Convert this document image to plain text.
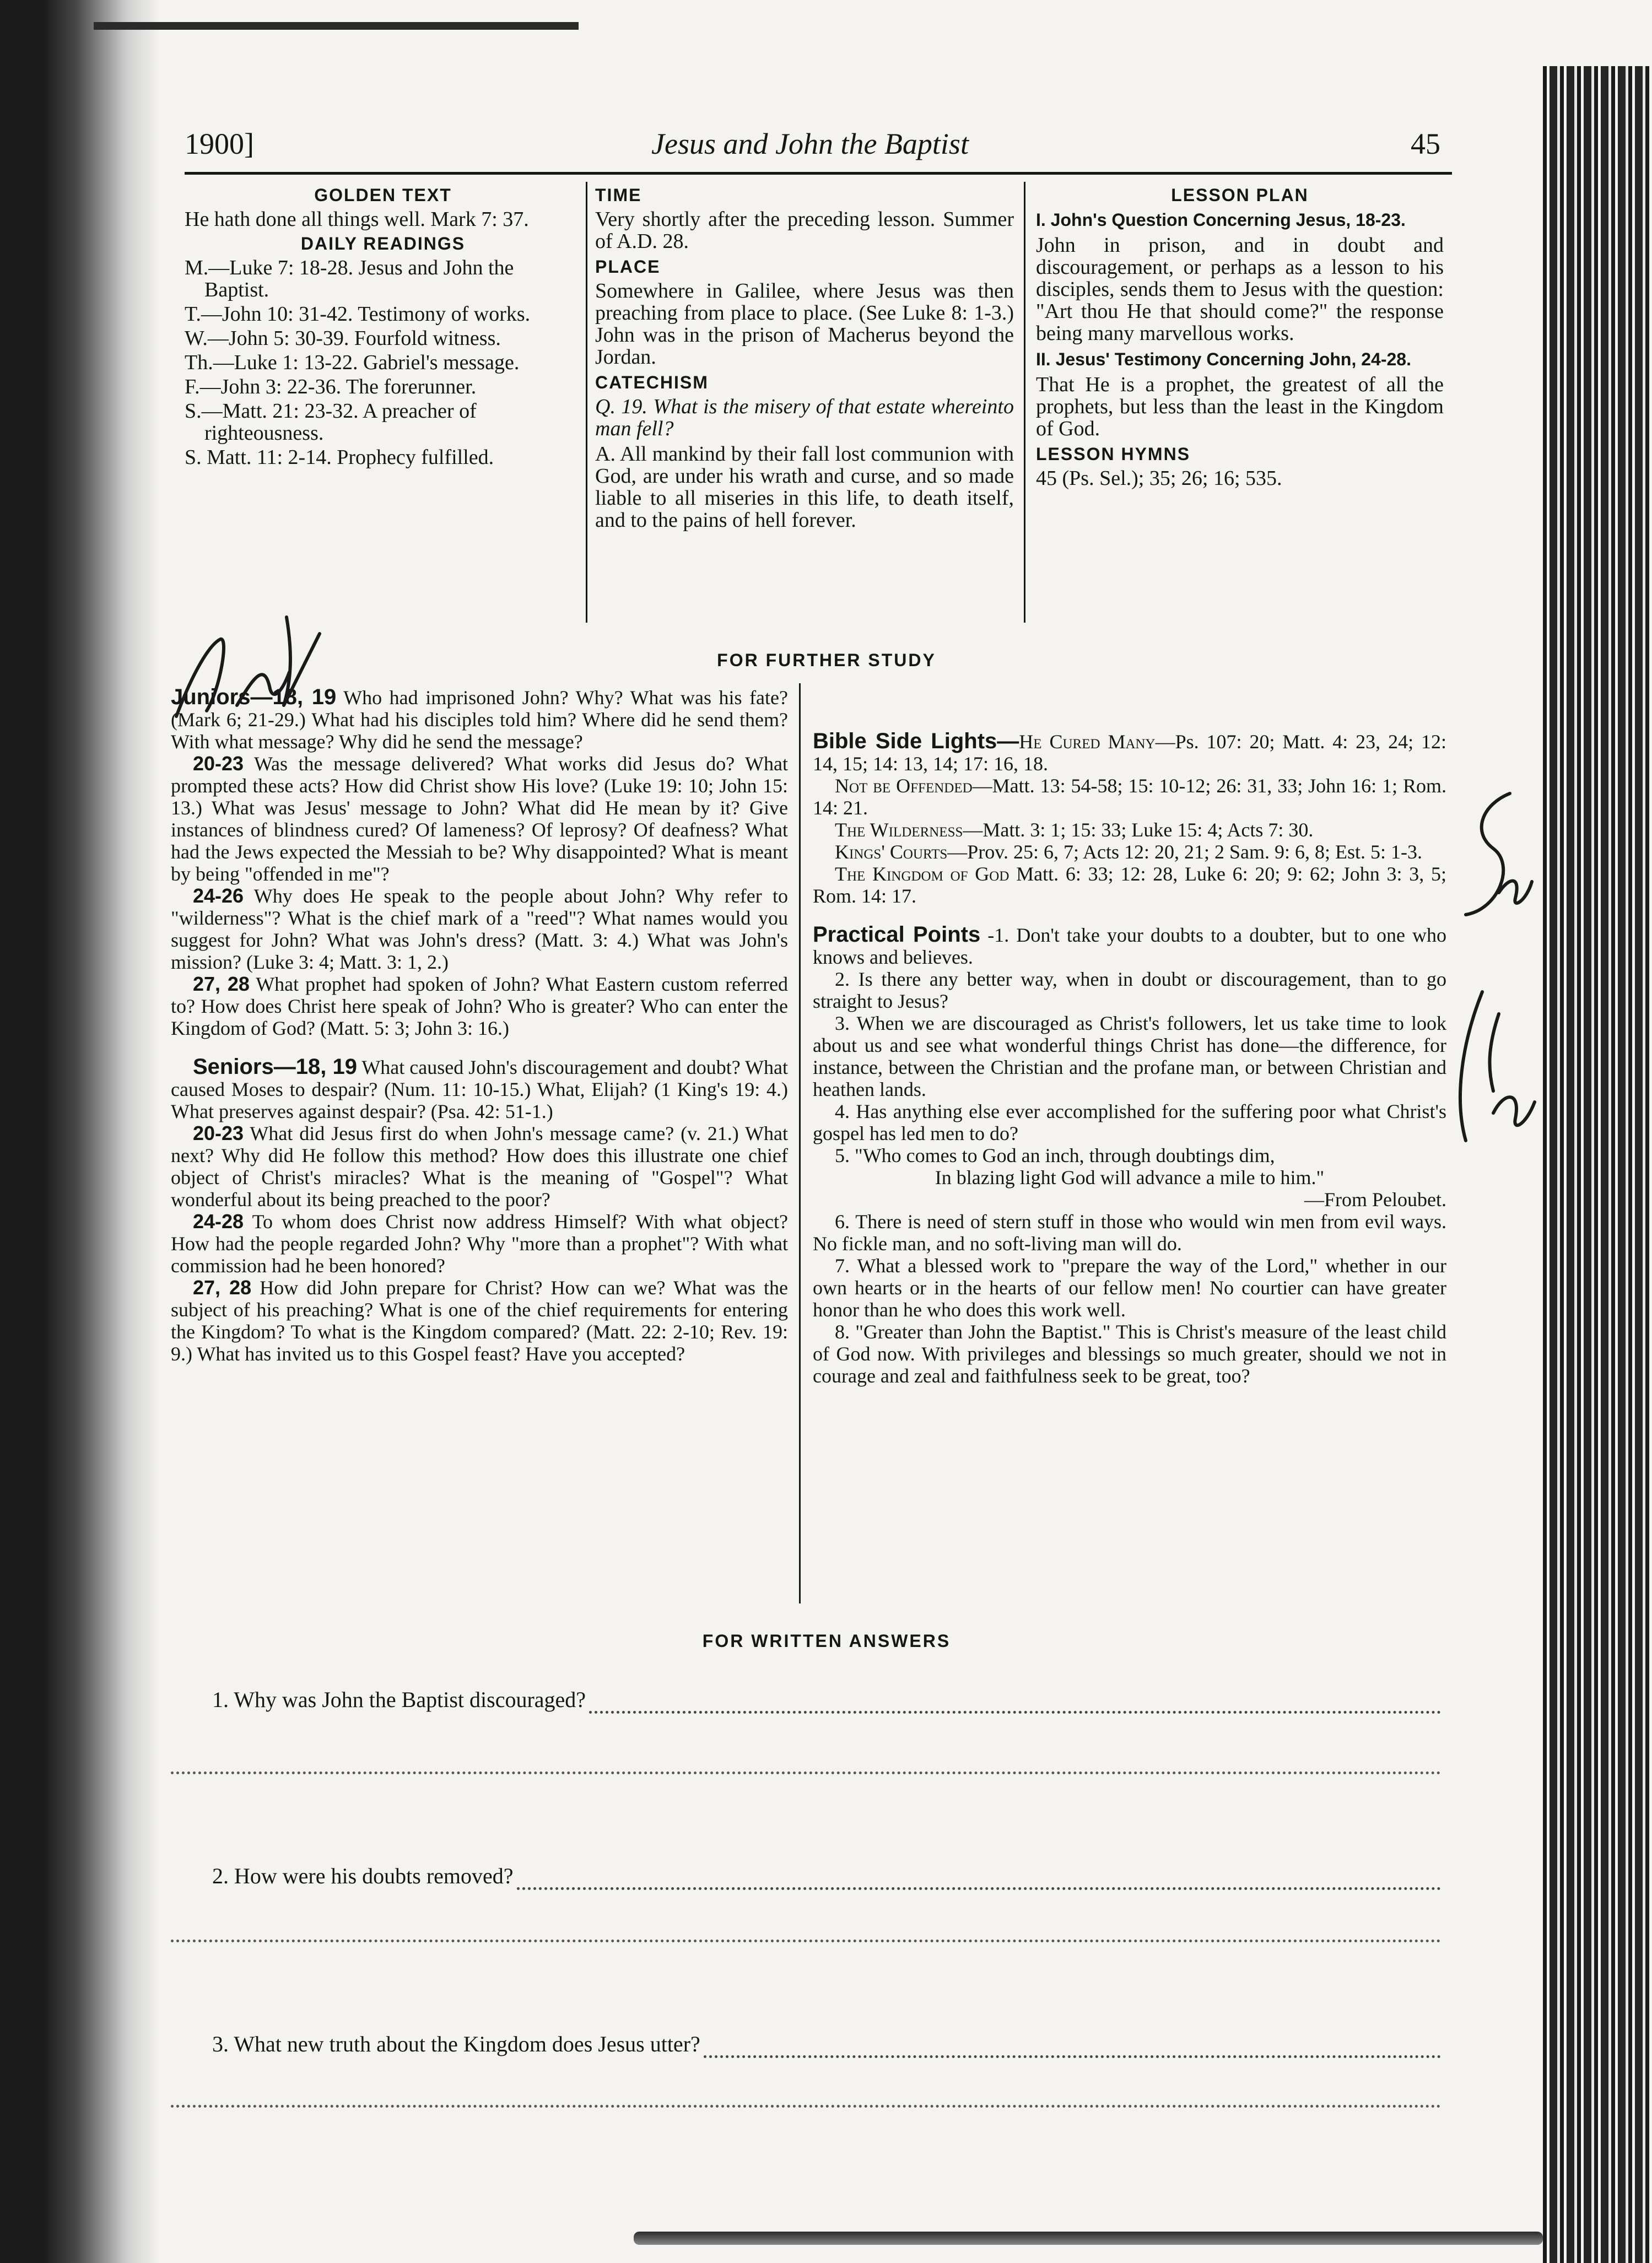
1900]	Jesus and John the Baptist	45
GOLDEN TEXT

He hath done all things well. Mark 7: 37.

DAILY READINGS

M.—Luke 7: 18-28. Jesus and John the Baptist.

T.—John 10: 31-42. Testimony of works.

W.—John 5: 30-39. Fourfold witness.

Th.—Luke 1: 13-22. Gabriel's message.

F.—John 3: 22-36. The forerunner.

S.—Matt. 21: 23-32. A preacher of righteousness.

S. Matt. 11: 2-14. Prophecy fulfilled.

TIME

Very shortly after the preceding lesson. Summer of A.D. 28.

PLACE

Somewhere in Galilee, where Jesus was then preaching from place to place. (See Luke 8: 1-3.) John was in the prison of Macherus beyond the Jordan.

CATECHISM

Q. 19. What is the misery of that estate whereinto man fell?

A. All mankind by their fall lost communion with God, are under his wrath and curse, and so made liable to all miseries in this life, to death itself, and to the pains of hell forever.

LESSON PLAN

I. John's Question Concerning Jesus, 18-23.

John in prison, and in doubt and discouragement, or perhaps as a lesson to his disciples, sends them to Jesus with the question: "Art thou He that should come?" the response being many marvellous works.

II. Jesus' Testimony Concerning John, 24-28.

That He is a prophet, the greatest of all the prophets, but less than the least in the Kingdom of God.

LESSON HYMNS

45 (Ps. Sel.); 35; 26; 16; 535.

FOR FURTHER STUDY

Juniors—18, 19 Who had imprisoned John? Why? What was his fate? (Mark 6; 21-29.) What had his disciples told him? Where did he send them? With what message? Why did he send the message?

20-23 Was the message delivered? What works did Jesus do? What prompted these acts? How did Christ show His love? (Luke 19: 10; John 15: 13.) What was Jesus' message to John? What did He mean by it? Give instances of blindness cured? Of lameness? Of leprosy? Of deafness? What had the Jews expected the Messiah to be? Why disappointed? What is meant by being "offended in me"?

24-26 Why does He speak to the people about John? Why refer to "wilderness"? What is the chief mark of a "reed"? What names would you suggest for John? What was John's dress? (Matt. 3: 4.) What was John's mission? (Luke 3: 4; Matt. 3: 1, 2.)

27, 28 What prophet had spoken of John? What Eastern custom referred to? How does Christ here speak of John? Who is greater? Who can enter the Kingdom of God? (Matt. 5: 3; John 3: 16.)

Seniors—18, 19 What caused John's discouragement and doubt? What caused Moses to despair? (Num. 11: 10-15.) What, Elijah? (1 King's 19: 4.) What preserves against despair? (Psa. 42: 51-1.)

20-23 What did Jesus first do when John's message came? (v. 21.) What next? Why did He follow this method? How does this illustrate one chief object of Christ's miracles? What is the meaning of "Gospel"? What wonderful about its being preached to the poor?

24-28 To whom does Christ now address Himself? With what object? How had the people regarded John? Why "more than a prophet"? With what commission had he been honored?

27, 28 How did John prepare for Christ? How can we? What was the subject of his preaching? What is one of the chief requirements for entering the Kingdom? To what is the Kingdom compared? (Matt. 22: 2-10; Rev. 19: 9.) What has invited us to this Gospel feast? Have you accepted?

Bible Side Lights—He Cured Many—Ps. 107: 20; Matt. 4: 23, 24; 12: 14, 15; 14: 13, 14; 17: 16, 18.

Not be Offended—Matt. 13: 54-58; 15: 10-12; 26: 31, 33; John 16: 1; Rom. 14: 21.

The Wilderness—Matt. 3: 1; 15: 33; Luke 15: 4; Acts 7: 30.

Kings' Courts—Prov. 25: 6, 7; Acts 12: 20, 21; 2 Sam. 9: 6, 8; Est. 5: 1-3.

The Kingdom of God Matt. 6: 33; 12: 28, Luke 6: 20; 9: 62; John 3: 3, 5; Rom. 14: 17.

Practical Points -1. Don't take your doubts to a doubter, but to one who knows and believes.

2. Is there any better way, when in doubt or discouragement, than to go straight to Jesus?

3. When we are discouraged as Christ's followers, let us take time to look about us and see what wonderful things Christ has done—the difference, for instance, between the Christian and the profane man, or between Christian and heathen lands.

4. Has anything else ever accomplished for the suffering poor what Christ's gospel has led men to do?

5. "Who comes to God an inch, through doubtings dim,

In blazing light God will advance a mile to him."

—From Peloubet.

6. There is need of stern stuff in those who would win men from evil ways. No fickle man, and no soft-living man will do.

7. What a blessed work to "prepare the way of the Lord," whether in our own hearts or in the hearts of our fellow men! No courtier can have greater honor than he who does this work well.

8. "Greater than John the Baptist." This is Christ's measure of the least child of God now. With privileges and blessings so much greater, should we not in courage and zeal and faithfulness seek to be great, too?

FOR WRITTEN ANSWERS
1. Why was John the Baptist discouraged?
2. How were his doubts removed?
3. What new truth about the Kingdom does Jesus utter?
